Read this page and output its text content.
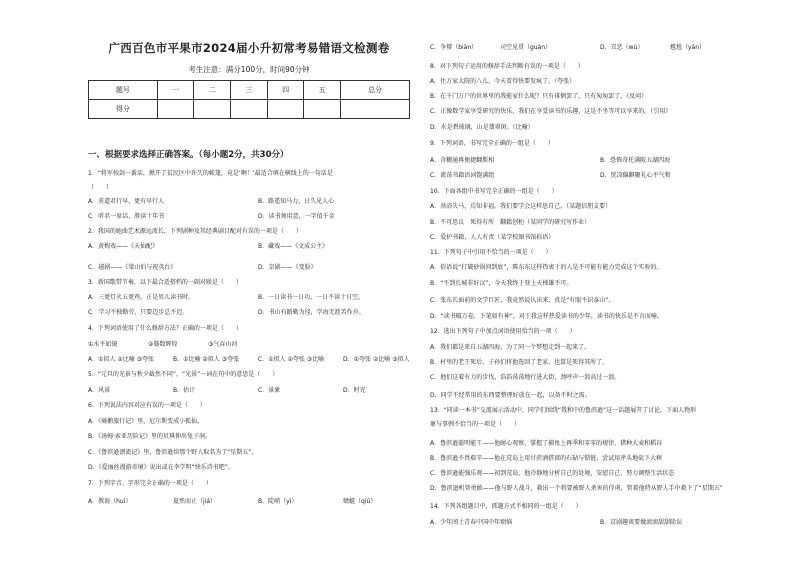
广西百色市平果市2024届小升初常考易错语文检测卷
考生注意：满分100分，时间90分钟
题号	一	二	三	四	五	总分
得分						
一、根据要求选择正确答案。（每小题2分，共30分）
1．“将军按剑一番话，掀开了贫民区中许久的帐篷，竟是‘啊！’最适合填在横线上的一句话是
（　　）
A．莫道君行早，更有早行人	B．路遥知马力，日久见人心
C．听君一席话，胜读十年书	D．读书须用意，一字值千金
2．我国的她曲艺术源远流长，下列剧种及其经典剧目配对有误的一项是（　　）
A．黄梅戏——《天仙配》	B．藏戏——《文成公主》
C．越剧——《梁山伯与祝英台》	D．京剧——《变脸》
3．新国歌带节奏，以下最合适搭档的一副对联是（　　）
A．三更灯火五更鸡，正是男儿读书时。	B．一日读书一日功，一日不读十日空。
C．学习不独勤劳，只要迈步总不迟。	D．书山有路勤为径，学海无涯苦作舟。
4．下列词语使用了什么修辞方法？正确的一项是（　　）
①水平如镜	②蓦数辉煌	③气吞山河
A．①拟人 ②比喻 ③夸张	B．①比喻 ②拟人 ③夸张	C．①拟人 ②夸张 ③比喻	D．①夸张 ②比喻 ③拟人
5．“元旦的光景与秋夕截然不同”，“光景”一词在句中的意思是（　　）
A．风景	B．估计	C．景象	D．时光
6．下列说法内容对应有误的一项是（　　）
A．《骑鹅旅行记》里，尼尔斯变成小狐仙。
B．《汤姆·索亚历险记》里的贝琪伸出兔子洞。
C．《鲁滨逊漂流记》里，鲁滨逊给那个野人取名为了“星期五”。
D．《爱丽丝漫游奇境》说出或在李学明“快乐诗书吧”。
7．下列字音、字形完全正确的一项是（　　）
A．教诲（huì）	夏然而止（jiá）	B．陡峭（yì）	蜻蜓（qiū）
C．争辩（biàn）	司空见贯（guàn）	D．丑恶（wù）	尴尬（yán）
8．对下列句子运用的修辞手法判断有误的一项是（　　）
A．住万家大院的八儿，今天看得快要发疯了。（夸张）
B．在千门万户的世界里的我能家什么呢？只有徘徊罢了，只有匆匆罢了。（反问）
C．正像数学家享受研究的快乐，我们在享受读书的乐趣，这是不坐等可以享来的。（引用）
D．水是碧玻璃，山是翡翠斑。（比喻）
9．下列词语，书写完全正确的一组是（　　）
A．含糊通再便捷翻斯相	B．恐怖奇托满阪五湖四海
C．流荡书籍语词饱满组	D．恍凉偏僻聚礼心平气和
10．下面各组中书写完全正确的一组是（　　）
A．基浴失马，焉知非福。我们要学会这样思自己。（某题信朋支要）
B．不可思议　死得有所　翻籍创柜（某同学的研究写作业）
C．爱护书籍，人人有责（某学校图书馆标语）
11．下列句子中引用不恰当的一项是（　　）
A．俗语说“打破砂锅问到底”，陈东东这样热衷于的人是不可能有能力完成这个实验的。
B．“不到长城非好汉”，今天我终于登上天梯雄不可。
C．张东长面前的文学巨匠，我竟然说认出来，真是“有眼不识泰山”。
D．“读书破万卷，下笔如有神”，对于我这样热爱读书的少年，读书的快乐是不言而喻。
12．选出下列句子中加点词语使用恰当的一项（　　）
A．我们都是来自五湖四海，为了同一个梦想走到一起来了。
B．村里的老王死后，子孙们将他选回了老家，也算是死得其所了。
C．他们这着有力的步伐，浩浩荡荡地行进大街，劲呼声一浪高过一浪。
D．同学不经常用的东西要整理好放在一起，以备不时之需。
13．“同读一本书”交流展示活动中，同学们围绕“我和中的鲁滨逊”这一话题展开了讨论。下面人物形
象与事例不恰当的一项是（　　）
A．鲁滨逊聪明能干——他耐心观察，掌握了捕鱼上再季和零零的规律，猎种大麦和稻谷
B．鲁滨逊不畏艰辛——他在荒岛上用甘蔗酒搭窝的石砧与锁链，尝试用斧头地砍下大树
C．鲁滨逊能强乐观——初到荒岛，他冷静地分析自己的处境，安慰自己，努力调整生活状态
D．鲁滨逊机智勇敢——他与野人战斗，救出一个将要被野人杀害的俘虏，管着他特从野人手中救下了“星期五”
14．下列各组题目中，抓题方式不相同的一组是（　　）
A．少年闰土青春中国中年烦恼	B．京剧趣谈要做滚滚甜甜除误
